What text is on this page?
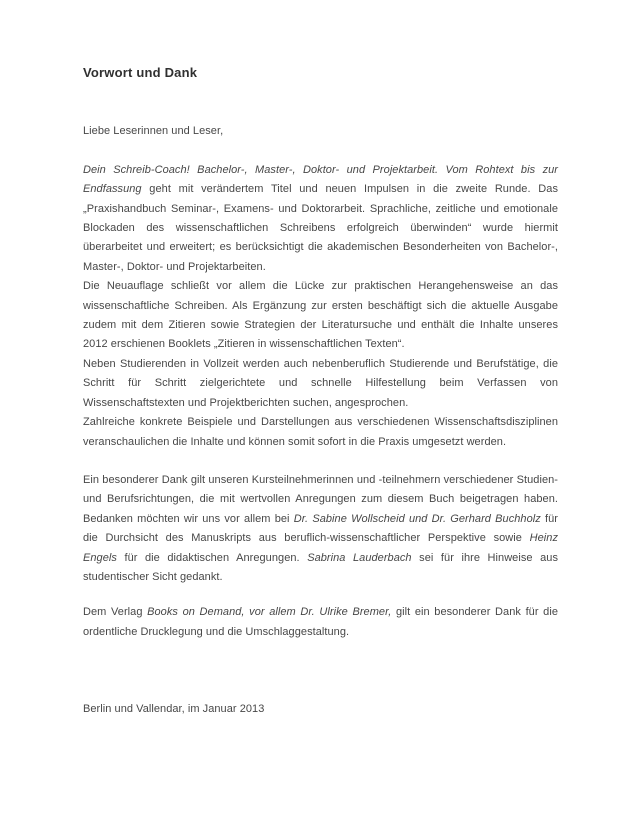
Vorwort und Dank

Liebe Leserinnen und Leser,

Dein Schreib-Coach! Bachelor-, Master-, Doktor- und Projektarbeit. Vom Rohtext bis zur Endfassung geht mit verändertem Titel und neuen Impulsen in die zweite Runde. Das „Praxishandbuch Seminar-, Examens- und Doktorarbeit. Sprachliche, zeitliche und emotionale Blockaden des wissenschaftlichen Schreibens erfolgreich überwinden“ wurde hiermit überarbeitet und erweitert; es berücksichtigt die akademischen Besonderheiten von Bachelor-, Master-, Doktor- und Projektarbeiten.

Die Neuauflage schließt vor allem die Lücke zur praktischen Herangehensweise an das wissenschaftliche Schreiben. Als Ergänzung zur ersten beschäftigt sich die aktuelle Ausgabe zudem mit dem Zitieren sowie Strategien der Literatursuche und enthält die Inhalte unseres 2012 erschienen Booklets „Zitieren in wissenschaftlichen Texten“.

Neben Studierenden in Vollzeit werden auch nebenberuflich Studierende und Berufstätige, die Schritt für Schritt zielgerichtete und schnelle Hilfestellung beim Verfassen von Wissenschaftstexten und Projektberichten suchen, angesprochen.

Zahlreiche konkrete Beispiele und Darstellungen aus verschiedenen Wissenschaftsdisziplinen veranschaulichen die Inhalte und können somit sofort in die Praxis umgesetzt werden.

Ein besonderer Dank gilt unseren Kursteilnehmerinnen und -teilnehmern verschiedener Studien- und Berufsrichtungen, die mit wertvollen Anregungen zum diesem Buch beigetragen haben. Bedanken möchten wir uns vor allem bei Dr. Sabine Wollscheid und Dr. Gerhard Buchholz für die Durchsicht des Manuskripts aus beruflich-wissenschaftlicher Perspektive sowie Heinz Engels für die didaktischen Anregungen. Sabrina Lauderbach sei für ihre Hinweise aus studentischer Sicht gedankt.

Dem Verlag Books on Demand, vor allem Dr. Ulrike Bremer, gilt ein besonderer Dank für die ordentliche Drucklegung und die Umschlaggestaltung.

Berlin und Vallendar, im Januar 2013
